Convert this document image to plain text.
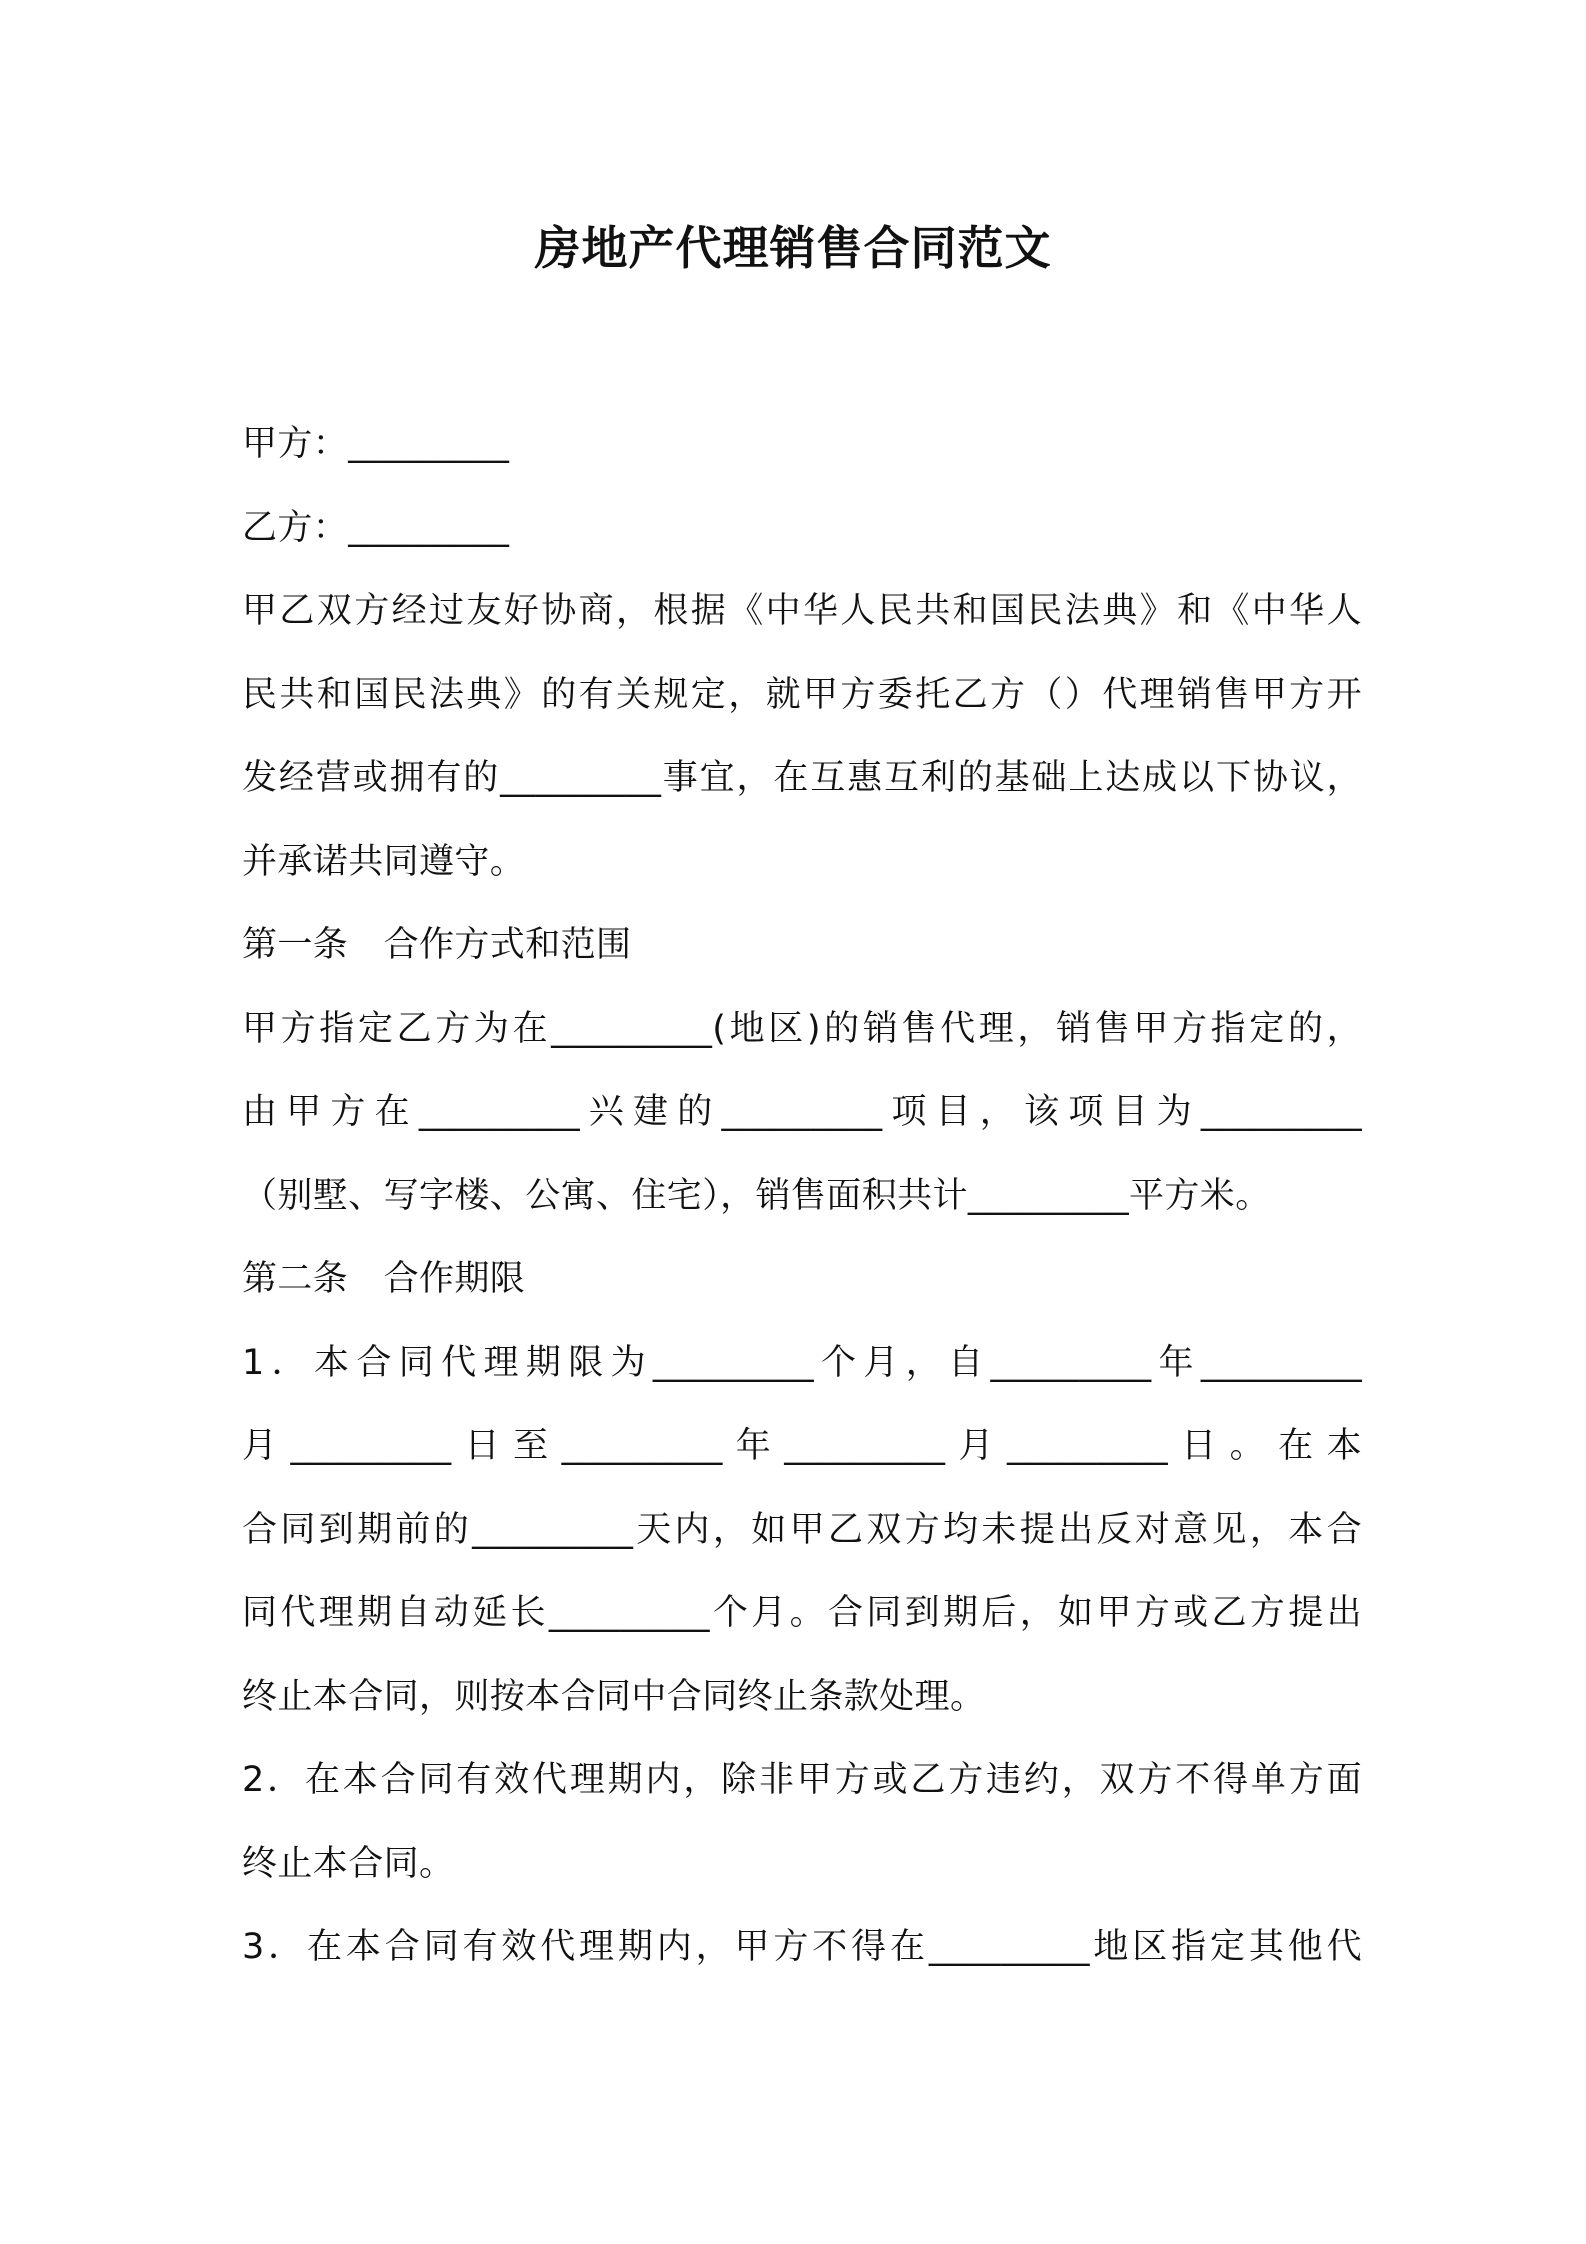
房地产代理销售合同范文
甲方：_________
乙方：_________
甲乙双方经过友好协商，根据《中华人民共和国民法典》和《中华人
民共和国民法典》的有关规定，就甲方委托乙方（）代理销售甲方开
发经营或拥有的_________事宜，在互惠互利的基础上达成以下协议，
并承诺共同遵守。
第一条　合作方式和范围
甲方指定乙方为在_________(地区)的销售代理，销售甲方指定的，
由甲方在_________兴建的_________项目，该项目为_________
（别墅、写字楼、公寓、住宅），销售面积共计_________平方米。
第二条　合作期限
1．本合同代理期限为_________个月，自_________年_________
月_________日至_________年_________月_________日。在本
合同到期前的_________天内，如甲乙双方均未提出反对意见，本合
同代理期自动延长_________个月。合同到期后，如甲方或乙方提出
终止本合同，则按本合同中合同终止条款处理。
2．在本合同有效代理期内，除非甲方或乙方违约，双方不得单方面
终止本合同。
3．在本合同有效代理期内，甲方不得在_________地区指定其他代
